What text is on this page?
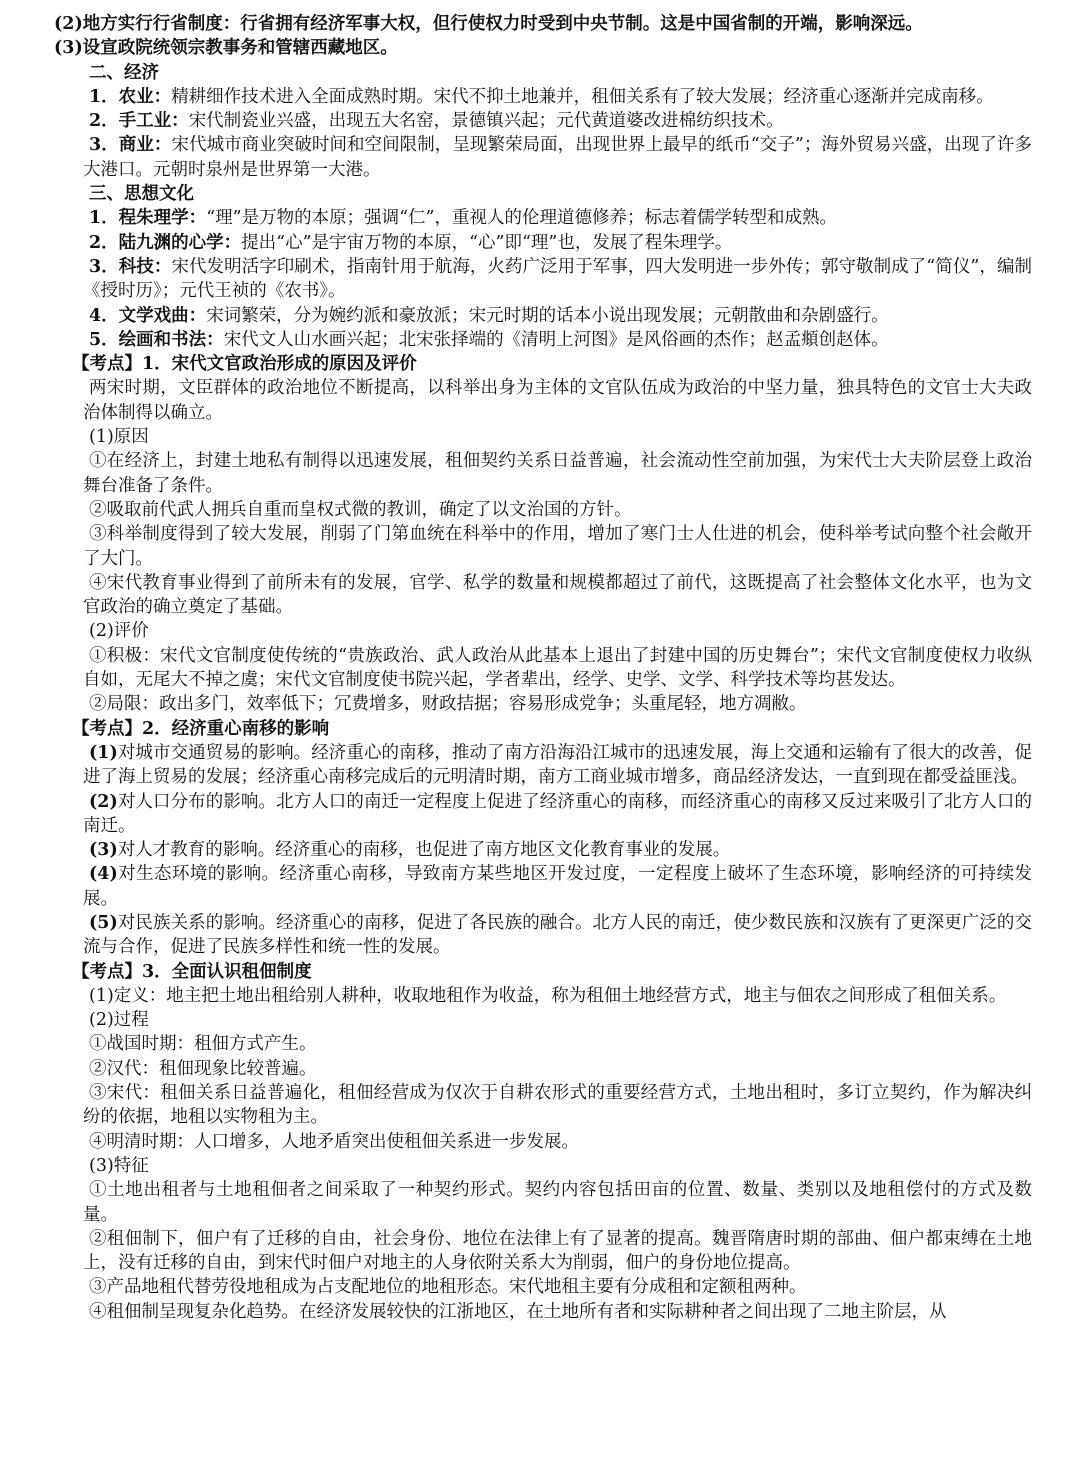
(2)地方实行行省制度：行省拥有经济军事大权，但行使权力时受到中央节制。这是中国省制的开端，影响深远。

(3)设宣政院统领宗教事务和管辖西藏地区。

二、经济

1．农业：精耕细作技术进入全面成熟时期。宋代不抑土地兼并，租佃关系有了较大发展；经济重心逐渐并完成南移。

2．手工业：宋代制瓷业兴盛，出现五大名窑，景德镇兴起；元代黄道婆改进棉纺织技术。

3．商业：宋代城市商业突破时间和空间限制，呈现繁荣局面，出现世界上最早的纸币“交子”；海外贸易兴盛，出现了许多大港口。元朝时泉州是世界第一大港。

三、思想文化

1．程朱理学：“理”是万物的本原；强调“仁”，重视人的伦理道德修养；标志着儒学转型和成熟。

2．陆九渊的心学：提出“心”是宇宙万物的本原，“心”即“理”也，发展了程朱理学。

3．科技：宋代发明活字印刷术，指南针用于航海，火药广泛用于军事，四大发明进一步外传；郭守敬制成了“简仪”，编制《授时历》；元代王祯的《农书》。

4．文学戏曲：宋词繁荣，分为婉约派和豪放派；宋元时期的话本小说出现发展；元朝散曲和杂剧盛行。

5．绘画和书法：宋代文人山水画兴起；北宋张择端的《清明上河图》是风俗画的杰作；赵孟頫创赵体。

【考点】1．宋代文官政治形成的原因及评价

两宋时期，文臣群体的政治地位不断提高，以科举出身为主体的文官队伍成为政治的中坚力量，独具特色的文官士大夫政治体制得以确立。

(1)原因

①在经济上，封建土地私有制得以迅速发展，租佃契约关系日益普遍，社会流动性空前加强，为宋代士大夫阶层登上政治舞台准备了条件。

②吸取前代武人拥兵自重而皇权式微的教训，确定了以文治国的方针。

③科举制度得到了较大发展，削弱了门第血统在科举中的作用，增加了寒门士人仕进的机会，使科举考试向整个社会敞开了大门。

④宋代教育事业得到了前所未有的发展，官学、私学的数量和规模都超过了前代，这既提高了社会整体文化水平，也为文官政治的确立奠定了基础。

(2)评价

①积极：宋代文官制度使传统的“贵族政治、武人政治从此基本上退出了封建中国的历史舞台”；宋代文官制度使权力收纵自如，无尾大不掉之虞；宋代文官制度使书院兴起，学者辈出，经学、史学、文学、科学技术等均甚发达。

②局限：政出多门，效率低下；冗费增多，财政拮据；容易形成党争；头重尾轻，地方凋敝。

【考点】2．经济重心南移的影响

(1)对城市交通贸易的影响。经济重心的南移，推动了南方沿海沿江城市的迅速发展，海上交通和运输有了很大的改善，促进了海上贸易的发展；经济重心南移完成后的元明清时期，南方工商业城市增多，商品经济发达，一直到现在都受益匪浅。

(2)对人口分布的影响。北方人口的南迁一定程度上促进了经济重心的南移，而经济重心的南移又反过来吸引了北方人口的南迁。

(3)对人才教育的影响。经济重心的南移，也促进了南方地区文化教育事业的发展。

(4)对生态环境的影响。经济重心南移，导致南方某些地区开发过度，一定程度上破坏了生态环境，影响经济的可持续发展。

(5)对民族关系的影响。经济重心的南移，促进了各民族的融合。北方人民的南迁，使少数民族和汉族有了更深更广泛的交流与合作，促进了民族多样性和统一性的发展。

【考点】3．全面认识租佃制度

(1)定义：地主把土地出租给别人耕种，收取地租作为收益，称为租佃土地经营方式，地主与佃农之间形成了租佃关系。

(2)过程

①战国时期：租佃方式产生。

②汉代：租佃现象比较普遍。

③宋代：租佃关系日益普遍化，租佃经营成为仅次于自耕农形式的重要经营方式，土地出租时，多订立契约，作为解决纠纷的依据，地租以实物租为主。

④明清时期：人口增多，人地矛盾突出使租佃关系进一步发展。

(3)特征

①土地出租者与土地租佃者之间采取了一种契约形式。契约内容包括田亩的位置、数量、类别以及地租偿付的方式及数量。

②租佃制下，佃户有了迁移的自由，社会身份、地位在法律上有了显著的提高。魏晋隋唐时期的部曲、佃户都束缚在土地上，没有迁移的自由，到宋代时佃户对地主的人身依附关系大为削弱，佃户的身份地位提高。

③产品地租代替劳役地租成为占支配地位的地租形态。宋代地租主要有分成租和定额租两种。

④租佃制呈现复杂化趋势。在经济发展较快的江浙地区，在土地所有者和实际耕种者之间出现了二地主阶层，从
